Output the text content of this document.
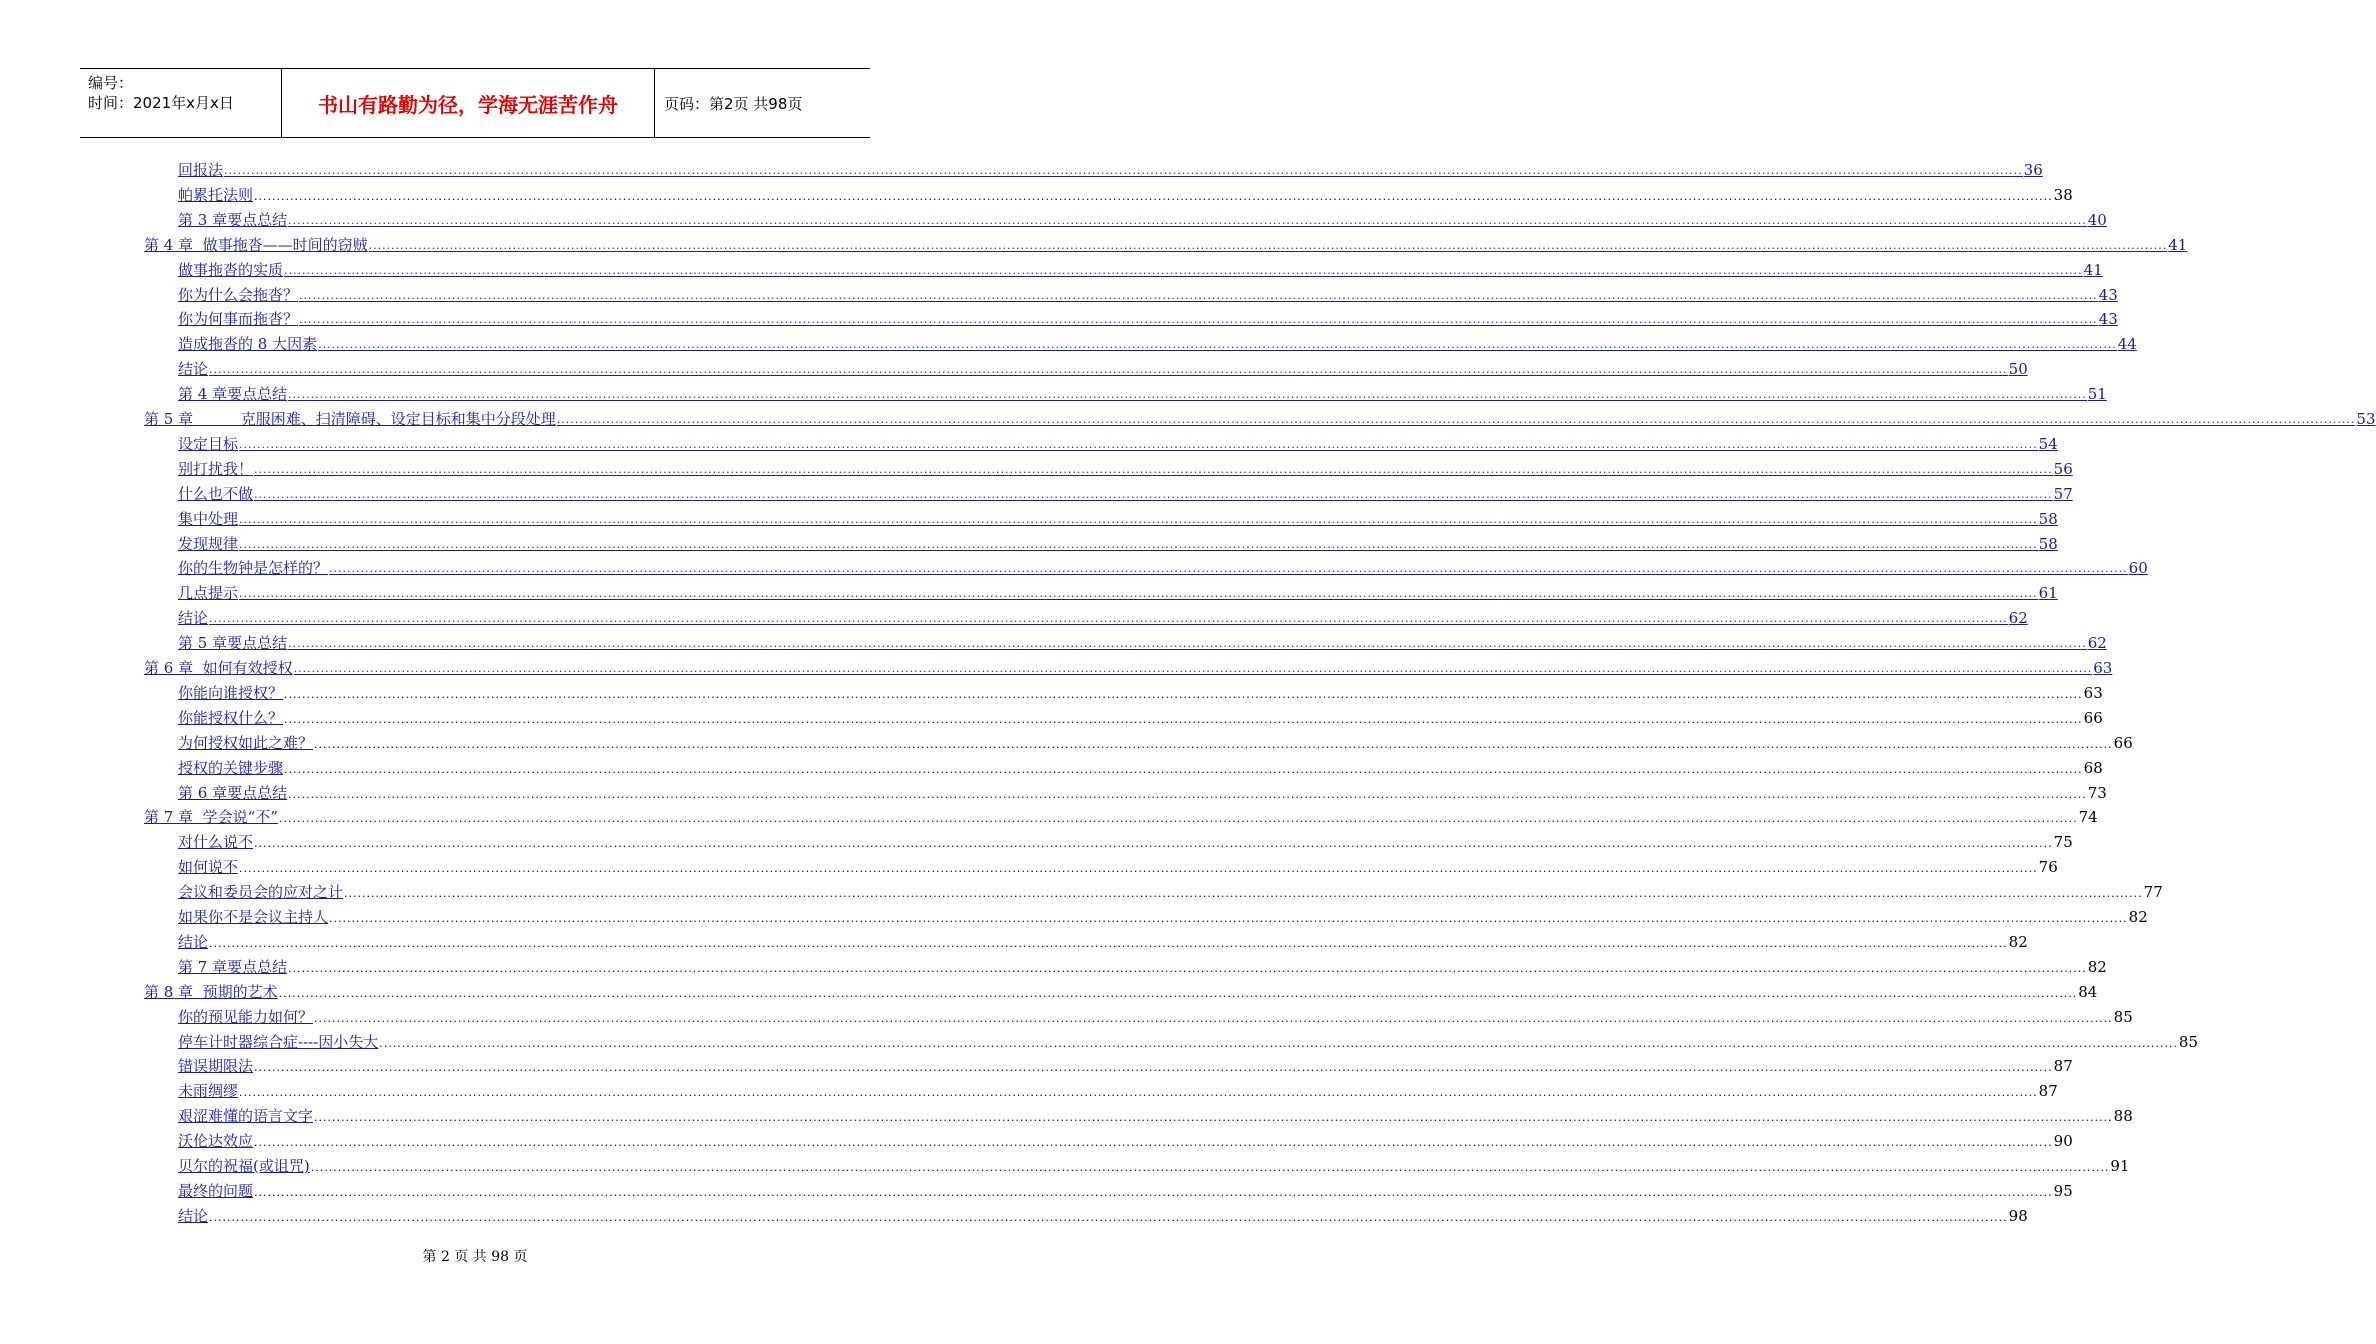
编号：
时间：2021年x月x日	书山有路勤为径，学海无涯苦作舟	页码：第2页 共98页
回报法 ................................................................................................................................................................................................................................................................................................................................................................................................................ 36
帕累托法则 ................................................................................................................................................................................................................................................................................................................................................................................................................ 38
第 3 章要点总结 ................................................................................................................................................................................................................................................................................................................................................................................................................ 40
第 4 章  做事拖沓——时间的窃贼 ................................................................................................................................................................................................................................................................................................................................................................................................................ 41
做事拖沓的实质 ................................................................................................................................................................................................................................................................................................................................................................................................................ 41
你为什么会拖沓？ ................................................................................................................................................................................................................................................................................................................................................................................................................ 43
你为何事而拖沓？ ................................................................................................................................................................................................................................................................................................................................................................................................................ 43
造成拖沓的 8 大因素 ................................................................................................................................................................................................................................................................................................................................................................................................................ 44
结论 ................................................................................................................................................................................................................................................................................................................................................................................................................ 50
第 4 章要点总结 ................................................................................................................................................................................................................................................................................................................................................................................................................ 51
第 5 章          克服困难、扫清障碍、设定目标和集中分段处理 ................................................................................................................................................................................................................................................................................................................................................................................................................ 53
设定目标 ................................................................................................................................................................................................................................................................................................................................................................................................................ 54
别打扰我！ ................................................................................................................................................................................................................................................................................................................................................................................................................ 56
什么也不做 ................................................................................................................................................................................................................................................................................................................................................................................................................ 57
集中处理 ................................................................................................................................................................................................................................................................................................................................................................................................................ 58
发现规律 ................................................................................................................................................................................................................................................................................................................................................................................................................ 58
你的生物钟是怎样的？ ................................................................................................................................................................................................................................................................................................................................................................................................................ 60
几点提示 ................................................................................................................................................................................................................................................................................................................................................................................................................ 61
结论 ................................................................................................................................................................................................................................................................................................................................................................................................................ 62
第 5 章要点总结 ................................................................................................................................................................................................................................................................................................................................................................................................................ 62
第 6 章  如何有效授权 ................................................................................................................................................................................................................................................................................................................................................................................................................ 63
你能向谁授权？ ................................................................................................................................................................................................................................................................................................................................................................................................................ 63
你能授权什么？ ................................................................................................................................................................................................................................................................................................................................................................................................................ 66
为何授权如此之难？ ................................................................................................................................................................................................................................................................................................................................................................................................................ 66
授权的关键步骤 ................................................................................................................................................................................................................................................................................................................................................................................................................ 68
第 6 章要点总结 ................................................................................................................................................................................................................................................................................................................................................................................................................ 73
第 7 章  学会说“不” ................................................................................................................................................................................................................................................................................................................................................................................................................ 74
对什么说不 ................................................................................................................................................................................................................................................................................................................................................................................................................ 75
如何说不 ................................................................................................................................................................................................................................................................................................................................................................................................................ 76
会议和委员会的应对之计 ................................................................................................................................................................................................................................................................................................................................................................................................................ 77
如果你不是会议主持人 ................................................................................................................................................................................................................................................................................................................................................................................................................ 82
结论 ................................................................................................................................................................................................................................................................................................................................................................................................................ 82
第 7 章要点总结 ................................................................................................................................................................................................................................................................................................................................................................................................................ 82
第 8 章  预期的艺术 ................................................................................................................................................................................................................................................................................................................................................................................................................ 84
你的预见能力如何？ ................................................................................................................................................................................................................................................................................................................................................................................................................ 85
停车计时器综合症----因小失大 ................................................................................................................................................................................................................................................................................................................................................................................................................ 85
错误期限法 ................................................................................................................................................................................................................................................................................................................................................................................................................ 87
未雨绸缪 ................................................................................................................................................................................................................................................................................................................................................................................................................ 87
艰涩难懂的语言文字 ................................................................................................................................................................................................................................................................................................................................................................................................................ 88
沃伦达效应 ................................................................................................................................................................................................................................................................................................................................................................................................................ 90
贝尔的祝福(或诅咒) ................................................................................................................................................................................................................................................................................................................................................................................................................ 91
最终的问题 ................................................................................................................................................................................................................................................................................................................................................................................................................ 95
结论 ................................................................................................................................................................................................................................................................................................................................................................................................................ 98
第 2 页 共 98 页
